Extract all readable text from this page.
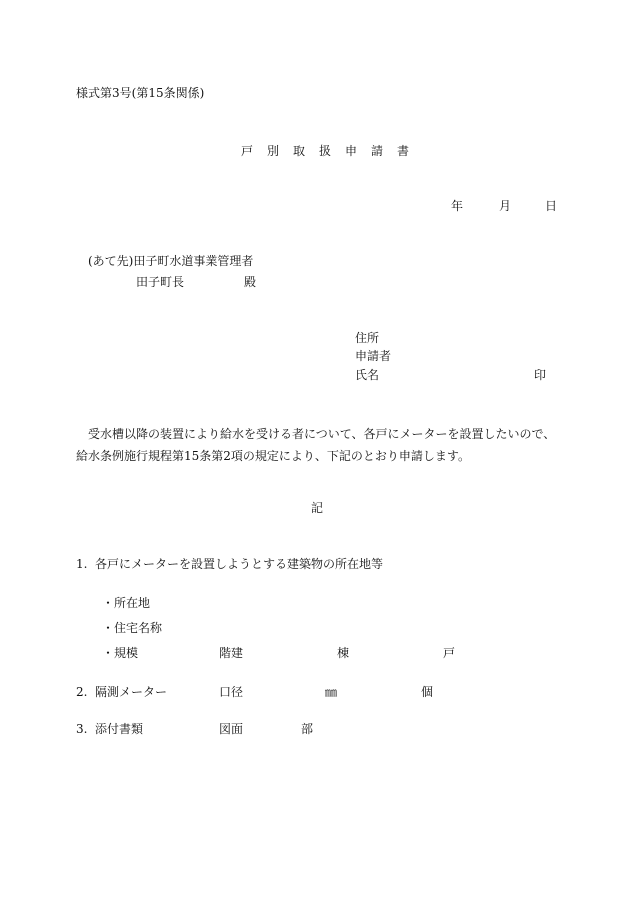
様式第3号(第15条関係)
戸別取扱申請書
年	月	日
(あて先)田子町水道事業管理者
田子町長	殿
住所
申請者
氏名	印
受水槽以降の装置により給水を受ける者について、各戸にメーターを設置したいので、
給水条例施行規程第15条第2項の規定により、下記のとおり申請します。
記
1. 各戸にメーターを設置しようとする建築物の所在地等
・所在地
・住宅名称
・規模	階建	棟	戸
2. 隔測メーター	口径	㎜	個
3. 添付書類	図面	部
